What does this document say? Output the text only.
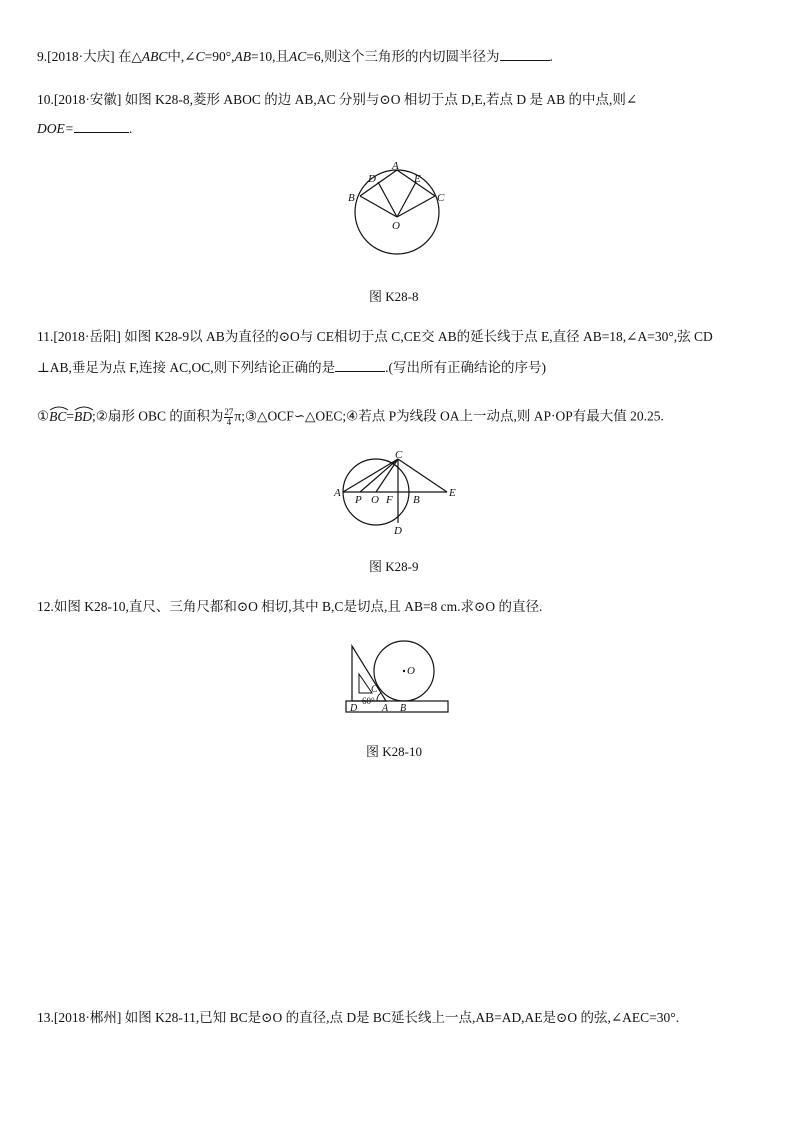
9.[2018·大庆] 在△ABC中,∠C=90°,AB=10,且AC=6,则这个三角形的内切圆半径为	.
10.[2018·安徽] 如图 K28-8,菱形 ABOC 的边 AB,AC 分别与⊙O 相切于点 D,E,若点 D 是 AB 的中点,则∠
DOE=	.
A
D	E
B	C
O
图 K28-8
11.[2018·岳阳] 如图 K28-9以 AB为直径的⊙O与 CE相切于点 C,CE交 AB的延长线于点 E,直径 AB=18,∠A=30°,弦 CD
⊥AB,垂足为点 F,连接 AC,OC,则下列结论正确的是	.(写出所有正确结论的序号)
①BC
=BD
;②扇形 OBC 的面积为 $\frac{27}{4}$ π;③△OCF∽△OEC;④若点 P为线段 OA上一动点,则 AP·OP有最大值 20.25.
C
A
P O F B
E
D
图 K28-9
12.如图 K28-10,直尺、三角尺都和⊙O 相切,其中 B,C是切点,且 AB=8 cm.求⊙O 的直径.
O
C
60°
D A B
图 K28-10
13.[2018·郴州] 如图 K28-11,已知 BC是⊙O 的直径,点 D是 BC延长线上一点,AB=AD,AE是⊙O 的弦,∠AEC=30°.
